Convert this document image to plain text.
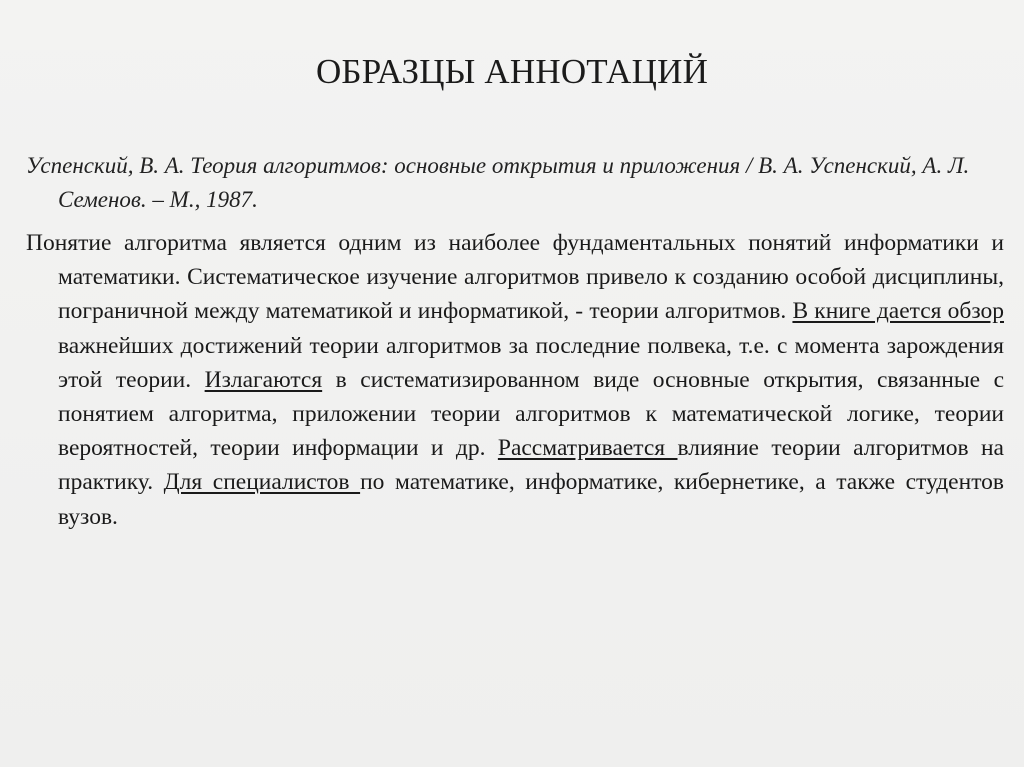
ОБРАЗЦЫ АННОТАЦИЙ
Успенский, В. А. Теория алгоритмов: основные открытия и приложения / В. А. Успенский, А. Л. Семенов. – М., 1987.
Понятие алгоритма является одним из наиболее фундаментальных понятий информатики и математики. Систематическое изучение алгоритмов привело к созданию особой дисциплины, пограничной между математикой и информатикой, - теории алгоритмов. В книге дается обзор важнейших достижений теории алгоритмов за последние полвека, т.е. с момента зарождения этой теории. Излагаются в систематизированном виде основные открытия, связанные с понятием алгоритма, приложении теории алгоритмов к математической логике, теории вероятностей, теории информации и др. Рассматривается влияние теории алгоритмов на практику. Для специалистов по математике, информатике, кибернетике, а также студентов вузов.
